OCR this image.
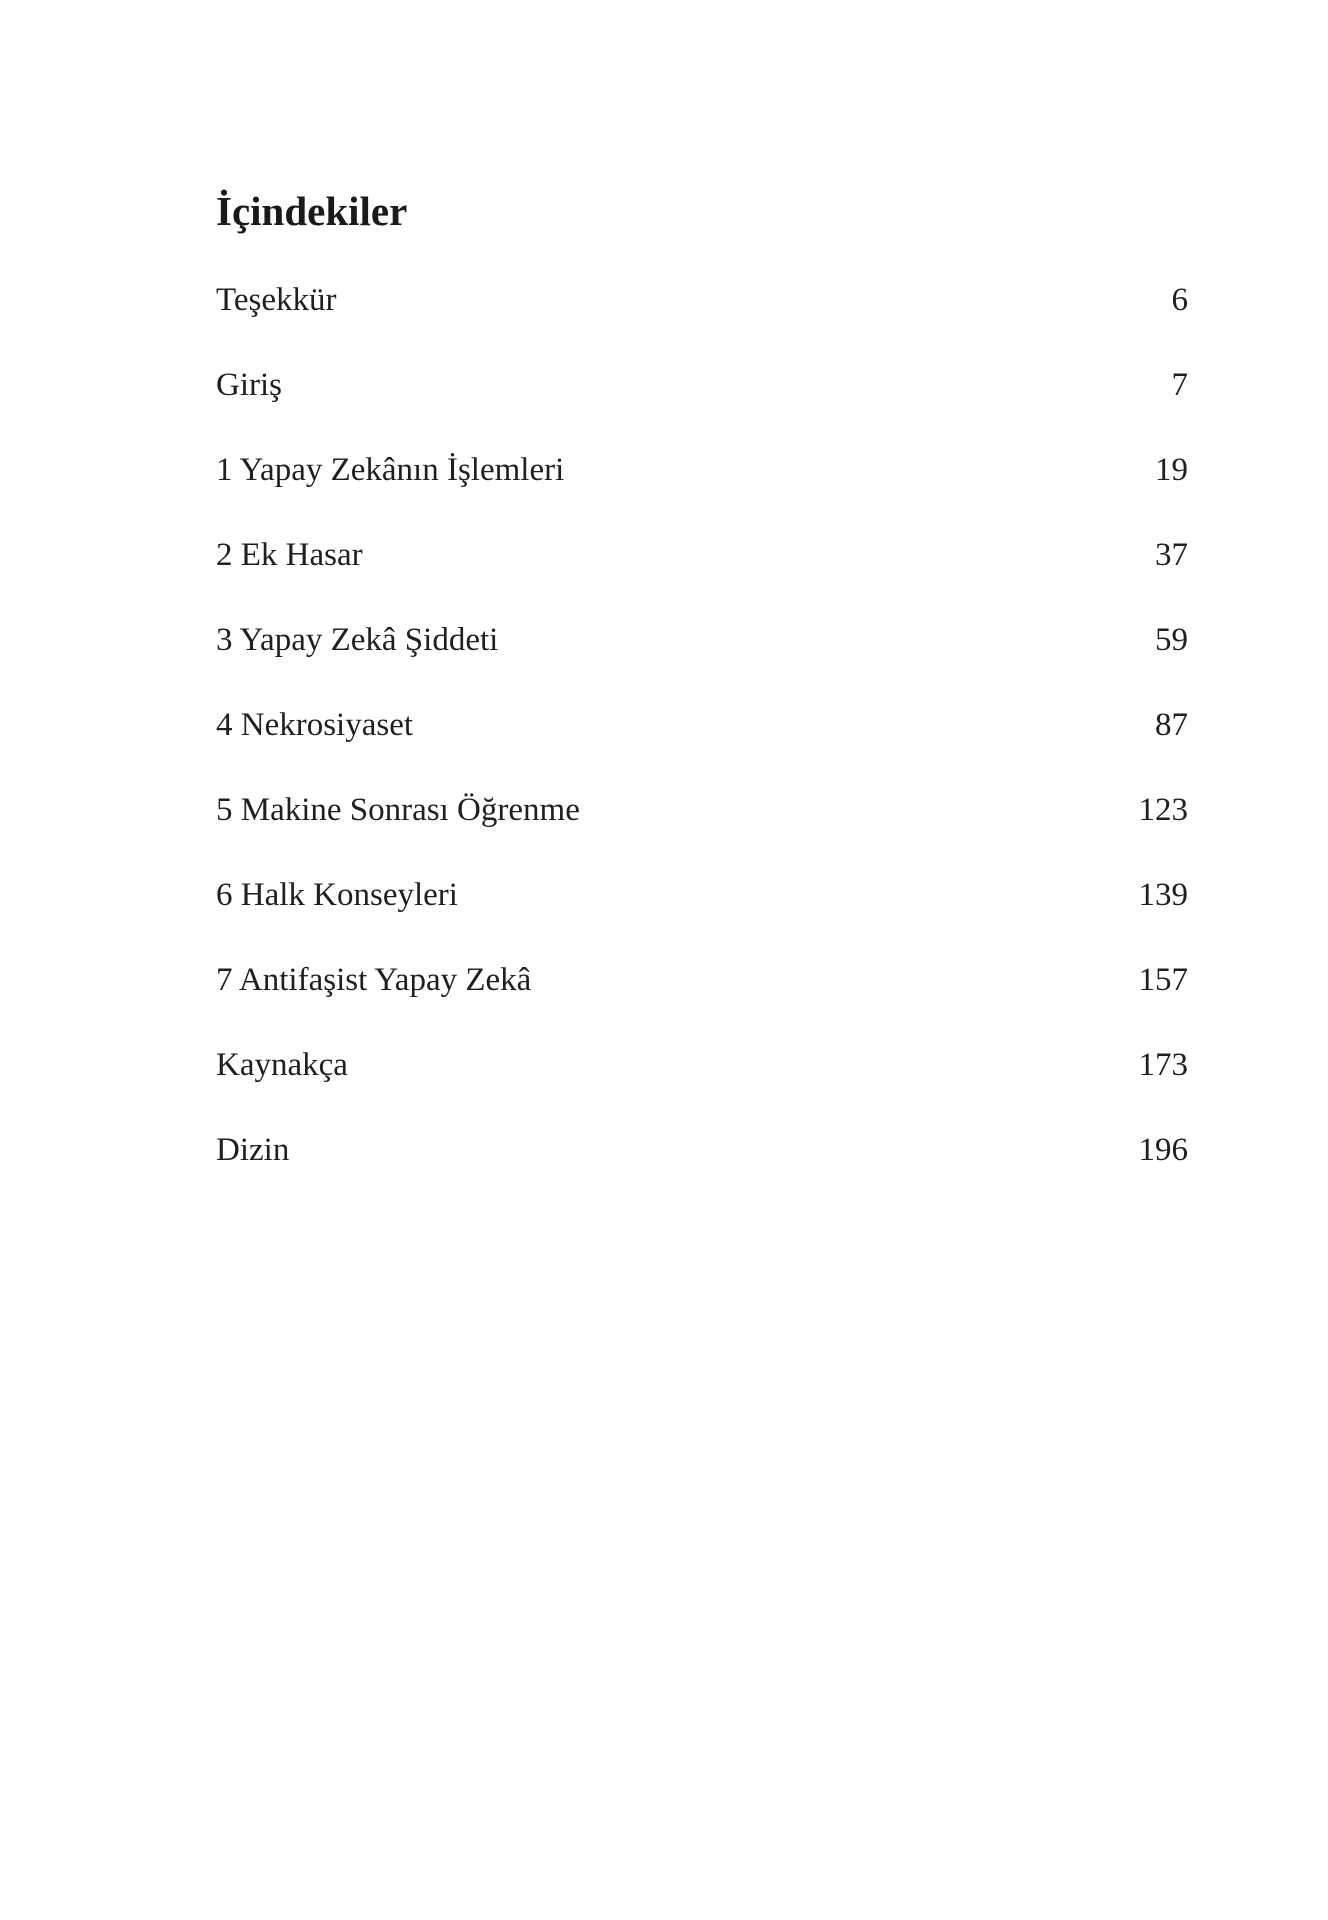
İçindekiler
Teşekkür	6
Giriş	7
1 Yapay Zekânın İşlemleri	19
2 Ek Hasar	37
3 Yapay Zekâ Şiddeti	59
4 Nekrosiyaset	87
5 Makine Sonrası Öğrenme	123
6 Halk Konseyleri	139
7 Antifaşist Yapay Zekâ	157
Kaynakça	173
Dizin	196
